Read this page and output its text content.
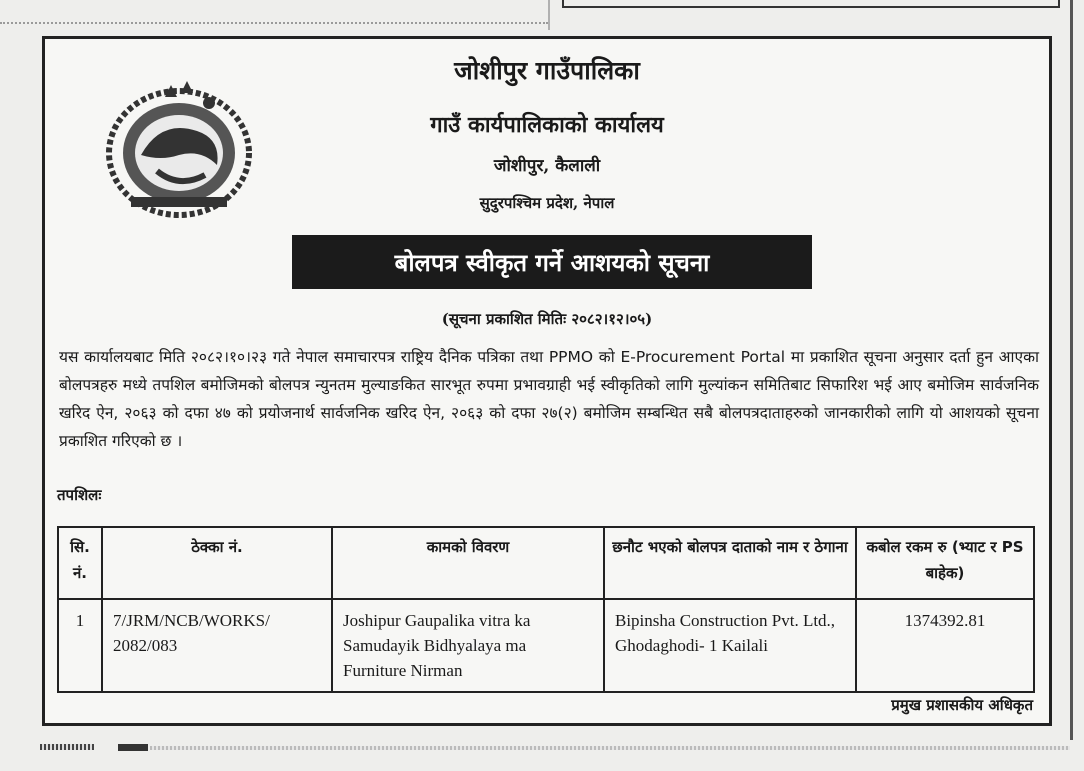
जोशीपुर गाउँपालिका
गाउँ कार्यपालिकाको कार्यालय
जोशीपुर, कैलाली
सुदुरपश्चिम प्रदेश, नेपाल
बोलपत्र स्वीकृत गर्ने आशयको सूचना
(सूचना प्रकाशित मितिः २०८२।१२।०५)
यस कार्यालयबाट मिति २०८२।१०।२३ गते नेपाल समाचारपत्र राष्ट्रिय दैनिक पत्रिका तथा PPMO को E-Procurement Portal मा प्रकाशित सूचना अनुसार दर्ता हुन आएका बोलपत्रहरु मध्ये तपशिल बमोजिमको बोलपत्र न्युनतम मुल्याङकित सारभूत रुपमा प्रभावग्राही भई स्वीकृतिको लागि मुल्यांकन समितिबाट सिफारिश भई आए बमोजिम सार्वजनिक खरिद ऐन, २०६३ को दफा ४७ को प्रयोजनार्थ सार्वजनिक खरिद ऐन, २०६३ को दफा २७(२) बमोजिम सम्बन्धित सबै बोलपत्रदाताहरुको जानकारीको लागि यो आशयको सूचना प्रकाशित गरिएको छ ।
तपशिलः
सि. नं.	ठेक्का नं.	कामको विवरण	छनौट भएको बोलपत्र दाताको नाम र ठेगाना	कबोल रकम रु (भ्याट र PS बाहेक)
1	7/JRM/NCB/WORKS/ 2082/083	Joshipur Gaupalika vitra ka Samudayik Bidhyalaya ma Furniture Nirman	Bipinsha Construction Pvt. Ltd., Ghodaghodi- 1 Kailali	1374392.81
प्रमुख प्रशासकीय अधिकृत
